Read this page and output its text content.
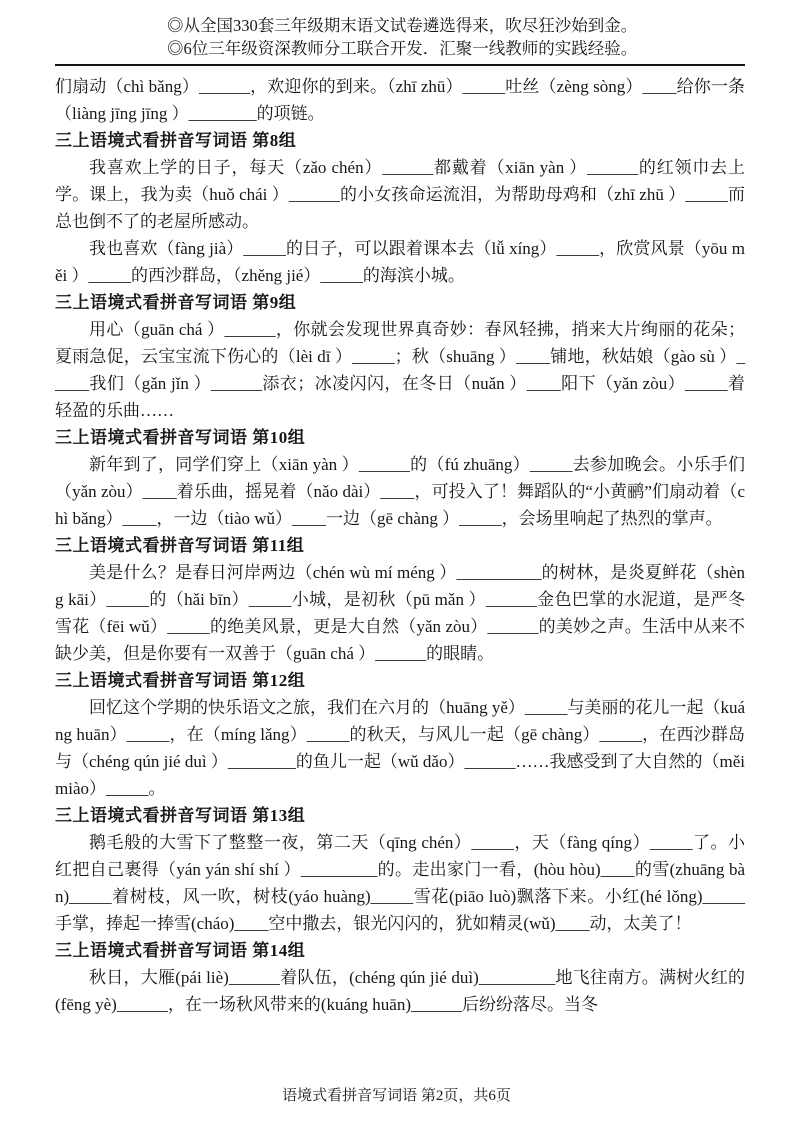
◎从全国330套三年级期末语文试卷遴选得来，吹尽狂沙始到金。
◎6位三年级资深教师分工联合开发．汇聚一线教师的实践经验。

们扇动（chì bǎng）______，欢迎你的到来。（zhī zhū）_____吐丝（zèng sòng）____给你一条（liàng jīng jīng ）________的项链。

三上语境式看拼音写词语 第8组

我喜欢上学的日子，每天（zǎo chén）______都戴着（xiān yàn ）______的红领巾去上学。课上，我为卖（huǒ chái ）______的小女孩命运流泪，为帮助母鸡和（zhī zhū ）_____而总也倒不了的老屋所感动。

我也喜欢（fàng jià）_____的日子，可以跟着课本去（lǚ xíng）_____，欣赏风景（yōu měi ）_____的西沙群岛，（zhěng jié）_____的海滨小城。

三上语境式看拼音写词语 第9组

用心（guān chá ）______，你就会发现世界真奇妙：春风轻拂，捎来大片绚丽的花朵；夏雨急促，云宝宝流下伤心的（lèi dī ）_____；秋（shuāng ）____铺地，秋姑娘（gào sù ）_____我们（gǎn jǐn ）______添衣；冰凌闪闪，在冬日（nuǎn ）____阳下（yǎn zòu）_____着轻盈的乐曲……

三上语境式看拼音写词语 第10组

新年到了，同学们穿上（xiān yàn ）______的（fú zhuāng）_____去参加晚会。小乐手们（yǎn zòu）____着乐曲，摇晃着（nǎo dài）____，可投入了！舞蹈队的“小黄鹂”们扇动着（chì bǎng）____，一边（tiào wǔ）____一边（gē chàng ）_____，会场里响起了热烈的掌声。

三上语境式看拼音写词语 第11组

美是什么？是春日河岸两边（chén wù mí méng ）__________的树林，是炎夏鲜花（shèng kāi）_____的（hǎi bīn）_____小城，是初秋（pū mǎn ）______金色巴掌的水泥道，是严冬雪花（fēi wǔ）_____的绝美风景，更是大自然（yǎn zòu）______的美妙之声。生活中从来不缺少美，但是你要有一双善于（guān chá ）______的眼睛。

三上语境式看拼音写词语 第12组

回忆这个学期的快乐语文之旅，我们在六月的（huāng yě）_____与美丽的花儿一起（kuáng huān）_____，在（míng lǎng）_____的秋天，与风儿一起（gē chàng）_____，在西沙群岛与（chéng qún jié duì ）________的鱼儿一起（wǔ dǎo）______……我感受到了大自然的（měi miào）_____。

三上语境式看拼音写词语 第13组

鹅毛般的大雪下了整整一夜，第二天（qīng chén）_____，天（fàng qíng）_____了。小红把自己裹得（yán yán shí shí ）_________的。走出家门一看，(hòu hòu)____的雪(zhuāng bàn)_____着树枝，风一吹，树枝(yáo huàng)_____雪花(piāo luò)飘落下来。小红(hé lǒng)_____手掌，捧起一捧雪(cháo)____空中撒去，银光闪闪的，犹如精灵(wǔ)____动，太美了！

三上语境式看拼音写词语 第14组

秋日，大雁(pái liè)______着队伍，(chéng qún jié duì)_________地飞往南方。满树火红的(fēng yè)______，在一场秋风带来的(kuáng huān)______后纷纷落尽。当冬

语境式看拼音写词语 第2页，共6页
